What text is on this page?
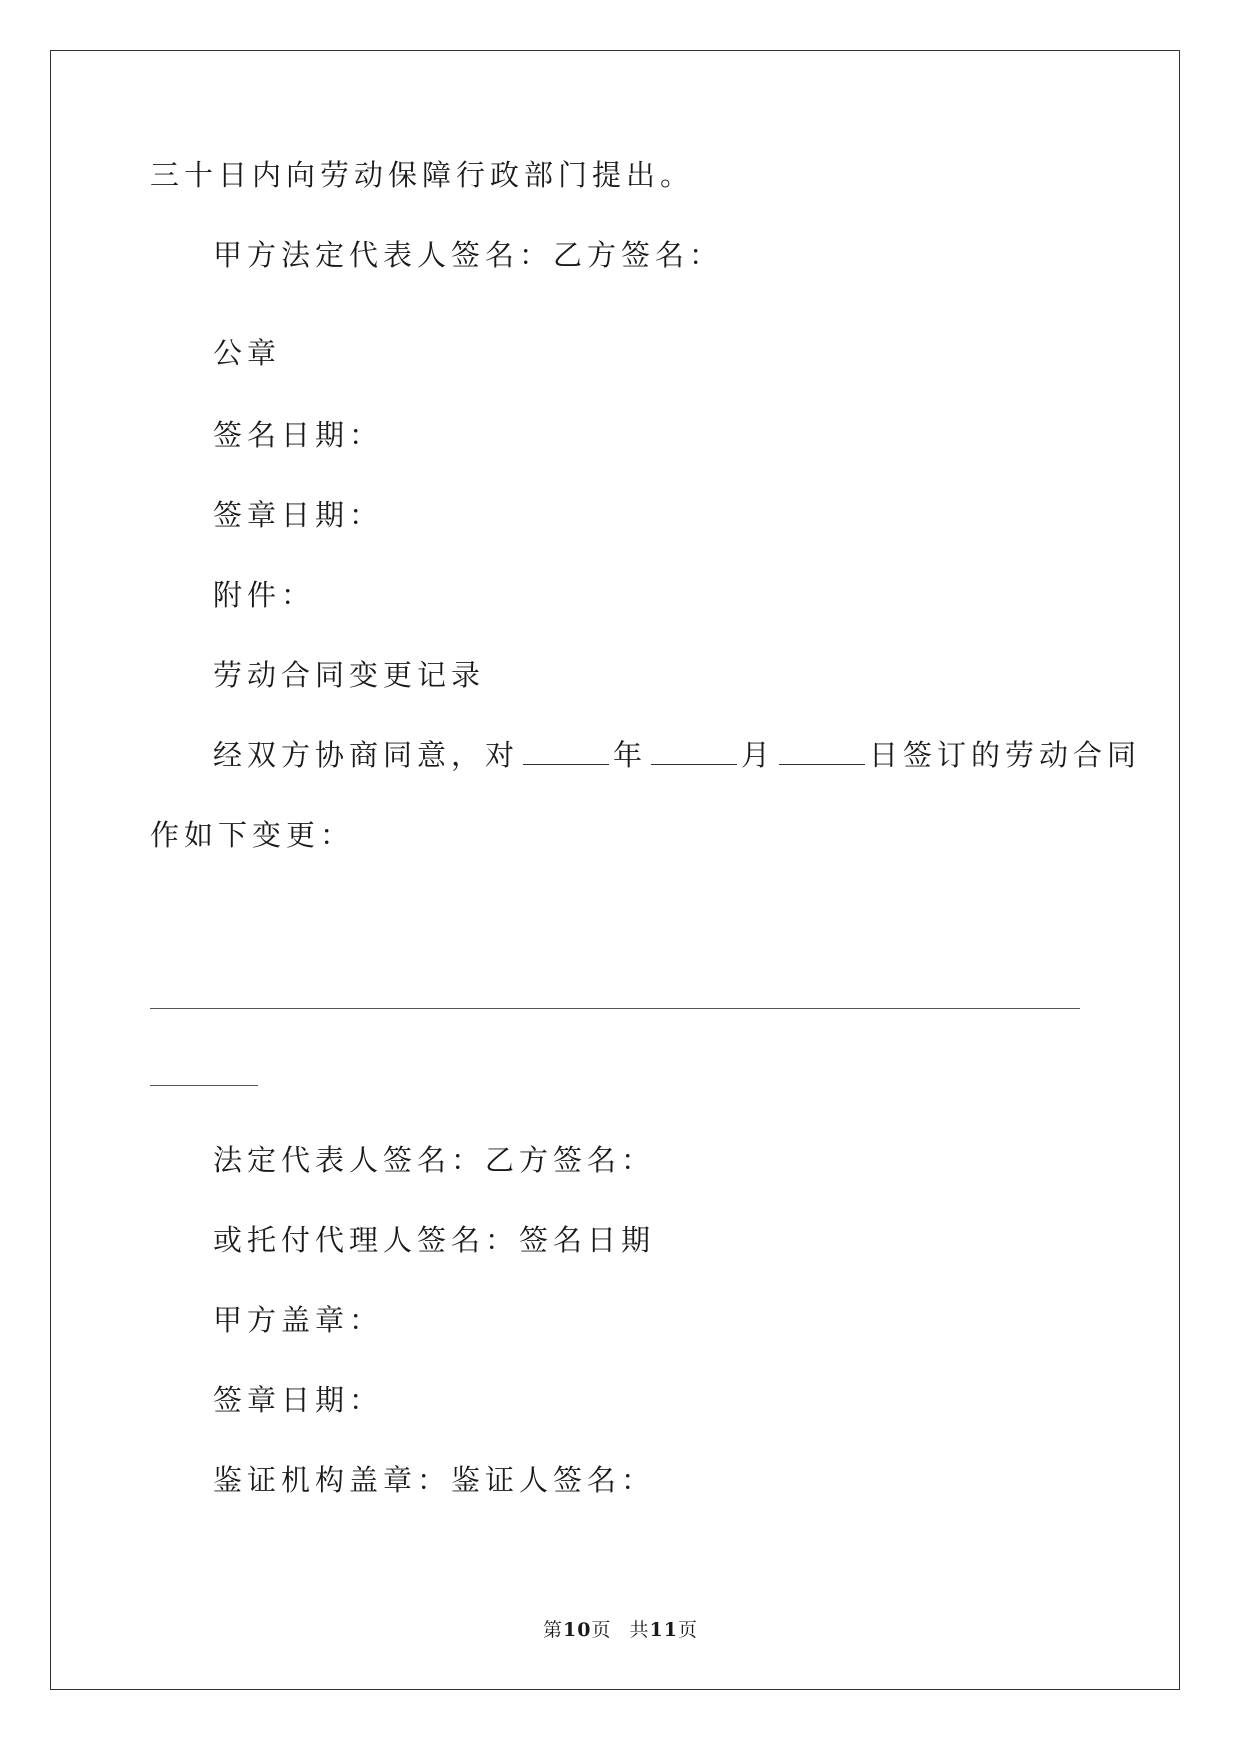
三十日内向劳动保障行政部门提出。
甲方法定代表人签名：乙方签名：
公章
签名日期：
签章日期：
附件：
劳动合同变更记录
经双方协商同意，对	年	月	日签订的劳动合同
作如下变更：
法定代表人签名：乙方签名：
或托付代理人签名：签名日期
甲方盖章：
签章日期：
鉴证机构盖章：鉴证人签名：
第10页 共11页
